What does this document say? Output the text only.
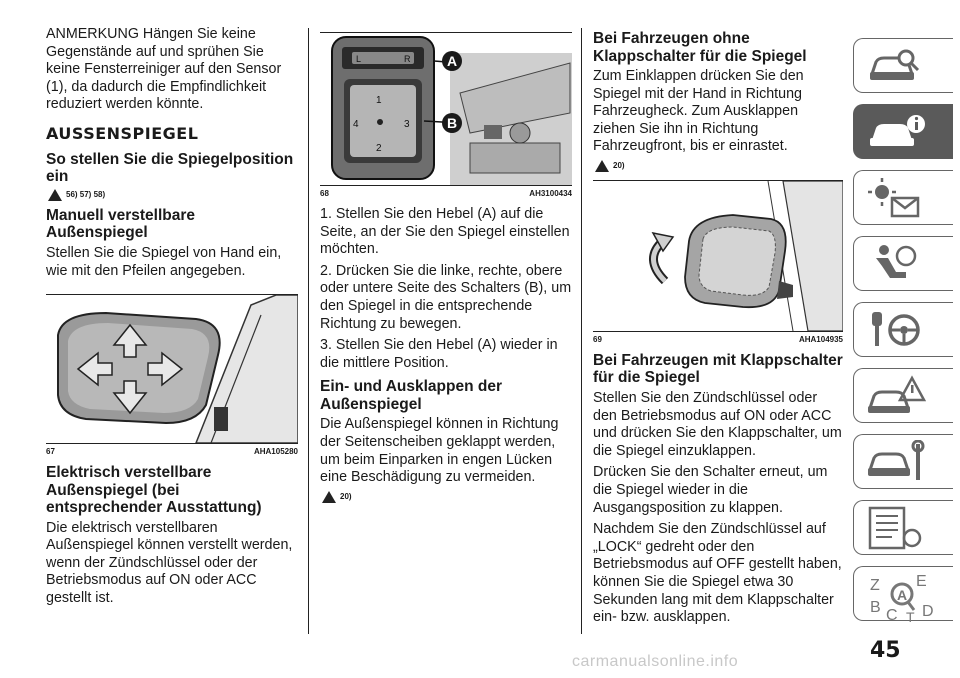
ANMERKUNG Hängen Sie keine Gegenstände auf und sprühen Sie keine Fensterreiniger auf den Sensor (1), da dadurch die Empfindlichkeit reduziert werden könnte.

AUSSENSPIEGEL
So stellen Sie die Spiegelposition ein
56) 57) 58)
Manuell verstellbare Außenspiegel

Stellen Sie die Spiegel von Hand ein, wie mit den Pfeilen angegeben.

67	AHA105280
Elektrisch verstellbare Außenspiegel (bei entsprechender Ausstattung)

Die elektrisch verstellbaren Außenspiegel können verstellt werden, wenn der Zündschlüssel oder der Betriebsmodus auf ON oder ACC gestellt ist.

L	R
1
2
3
4
A
B
68	AH3100434

1. Stellen Sie den Hebel (A) auf die Seite, an der Sie den Spiegel einstellen möchten.

2. Drücken Sie die linke, rechte, obere oder untere Seite des Schalters (B), um den Spiegel in die entsprechende Richtung zu bewegen.

3. Stellen Sie den Hebel (A) wieder in die mittlere Position.

Ein- und Ausklappen der Außenspiegel

Die Außenspiegel können in Richtung der Seitenscheiben geklappt werden, um beim Einparken in engen Lücken eine Beschädigung zu vermeiden.

20)
Bei Fahrzeugen ohne Klappschalter für die Spiegel

Zum Einklappen drücken Sie den Spiegel mit der Hand in Richtung Fahrzeugheck. Zum Ausklappen ziehen Sie ihn in Richtung Fahrzeugfront, bis er einrastet.

20)
69	AHA104935
Bei Fahrzeugen mit Klappschalter für die Spiegel

Stellen Sie den Zündschlüssel oder den Betriebsmodus auf ON oder ACC und drücken Sie den Klappschalter, um die Spiegel einzuklappen.

Drücken Sie den Schalter erneut, um die Spiegel wieder in die Ausgangsposition zu klappen.

Nachdem Sie den Zündschlüssel auf „LOCK“ gedreht oder den Betriebsmodus auf OFF gestellt haben, können Sie die Spiegel etwa 30 Sekunden lang mit dem Klappschalter ein- bzw. ausklappen.

Z E
B C D
A
T
45
carmanualsonline.info
